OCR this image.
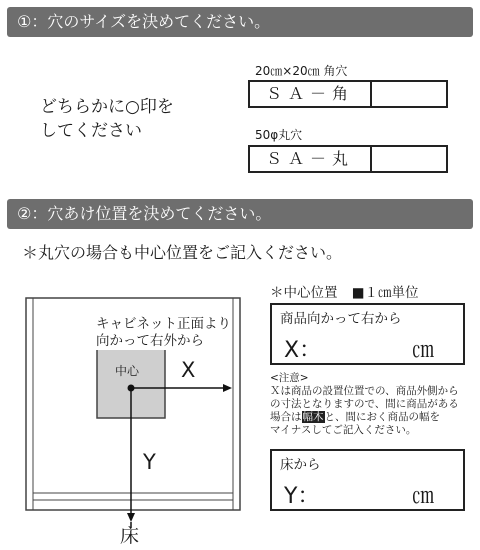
①：穴のサイズを決めてください。
どちらかに○印を
してください
20㎝×20㎝ 角穴
ＳＡ－角
50φ丸穴
ＳＡ－丸
②：穴あけ位置を決めてください。
＊丸穴の場合も中心位置をご記入ください。
キャビネット正面より
向かって右外から
中心 X
Y
床
＊中心位置 ■１㎝単位
商品向かって右から
X：	㎝
<注意>
Ｘは商品の設置位置での、商品外側から
の寸法となりますので、間に商品がある
場合は幅木と、間におく商品の幅を
マイナスしてご記入ください。
床から
Y：	㎝
